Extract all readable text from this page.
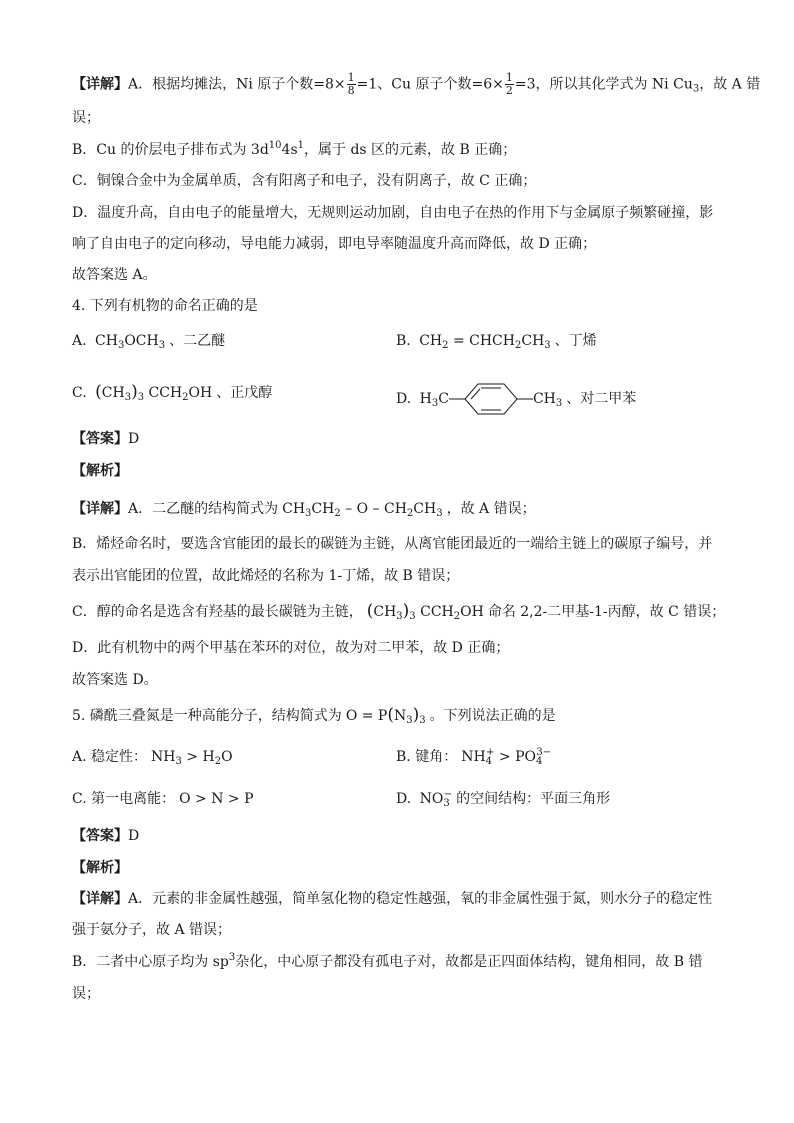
【详解】A．根据均摊法，Ni 原子个数$=8\times \frac{1}{8} =1$、Cu 原子个数$=6\times \frac{1}{2} =3$，所以其化学式为 Ni $Cu_3$，故 A 错
误；
B．Cu 的价层电子排布式为 $3d^{10}4s^1$，属于 ds 区的元素，故 B 正确；
C．铜镍合金中为金属单质，含有阳离子和电子，没有阴离子，故 C 正确；
D．温度升高，自由电子的能量增大，无规则运动加剧，自由电子在热的作用下与金属原子频繁碰撞，影
响了自由电子的定向移动，导电能力减弱，即电导率随温度升高而降低，故 D 正确；
故答案选 A。
4. 下列有机物的命名正确的是
A. $CH_3OCH_3$ 、二乙醚	B. $CH_2$ = $CHCH_2CH_3$ 、丁烯
C. $(CH_3)_3$ $CCH_2OH$ 、正戊醇	D. $H_3C$	$CH_3$ 、对二甲苯
【答案】D
【解析】
【详解】A．二乙醚的结构简式为 $CH_3CH_2$ – O – $CH_2CH_3$ ，故 A 错误；
B．烯烃命名时，要选含官能团的最长的碳链为主链，从离官能团最近的一端给主链上的碳原子编号，并
表示出官能团的位置，故此烯烃的名称为 1-丁烯，故 B 错误；
C．醇的命名是选含有羟基的最长碳链为主链， $(CH_3)_3$ $CCH_2OH$ 命名 2,2-二甲基-1-丙醇，故 C 错误；
D．此有机物中的两个甲基在苯环的对位，故为对二甲苯，故 D 正确；
故答案选 D。
5. 磷酰三叠氮是一种高能分子，结构简式为 $O = P(N_3)_3$ 。下列说法正确的是
A. 稳定性： $NH_3 > H_2O$	B. 键角： $NH_4^+ > PO_4^{3-}$
C. 第一电离能： O > N > P	D. $NO_3^-$ 的空间结构：平面三角形
【答案】D
【解析】
【详解】A．元素的非金属性越强，简单氢化物的稳定性越强，氧的非金属性强于氮，则水分子的稳定性
强于氨分子，故 A 错误；
B．二者中心原子均为 $sp^3$杂化，中心原子都没有孤电子对，故都是正四面体结构，键角相同，故 B 错
误；
